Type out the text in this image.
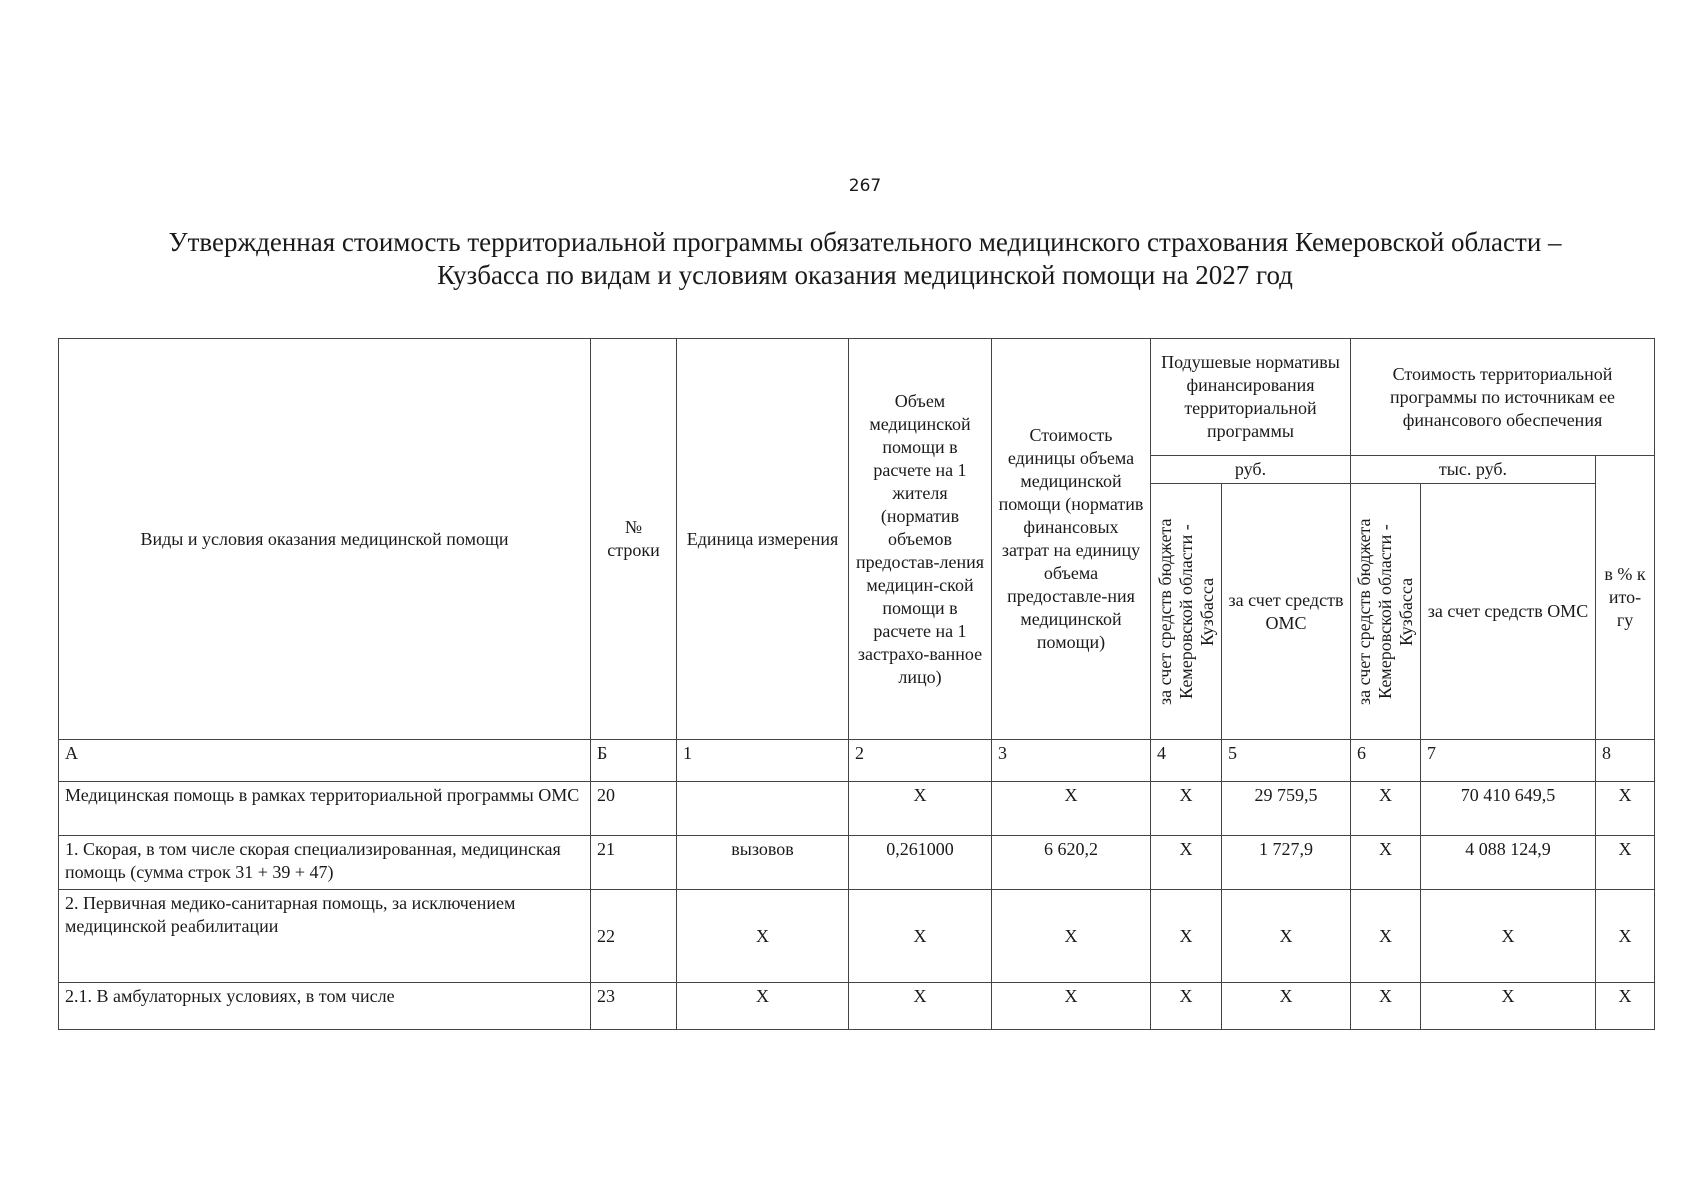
267
Утвержденная стоимость территориальной программы обязательного медицинского страхования Кемеровской области – Кузбасса по видам и условиям оказания медицинской помощи на 2027 год
Виды и условия оказания медицинской помощи	№ строки	Единица измерения	Объем медицинской помощи в расчете на 1 жителя (норматив объемов предостав-ления медицин-ской помощи в расчете на 1 застрахо-ванное лицо)	Стоимость единицы объема медицинской помощи (норматив финансовых затрат на единицу объема предоставле-ния медицинской помощи)	Подушевые нормативы финансирования территориальной программы		Стоимость территориальной программы по источникам ее финансового обеспечения		
					руб.		тыс. руб.		в % к ито-гу

					за счет средств бюджета Кемеровской области - Кузбасса	за счет средств ОМС	за счет средств бюджета Кемеровской области - Кузбасса	за счет средств ОМС	
А	Б	1	2	3	4	5	6	7	8
Медицинская помощь в рамках территориальной программы ОМС	20		Х	Х	Х	29 759,5	Х	70 410 649,5	Х
1. Скорая, в том числе скорая специализированная, медицинская помощь (сумма строк 31 + 39 + 47)	21	вызовов	0,261000	6 620,2	Х	1 727,9	Х	4 088 124,9	Х
2. Первичная медико-санитарная помощь, за исключением медицинской реабилитации	22	Х	Х	Х	Х	Х	Х	Х	Х
2.1. В амбулаторных условиях, в том числе	23	Х	Х	Х	Х	Х	Х	Х	Х
